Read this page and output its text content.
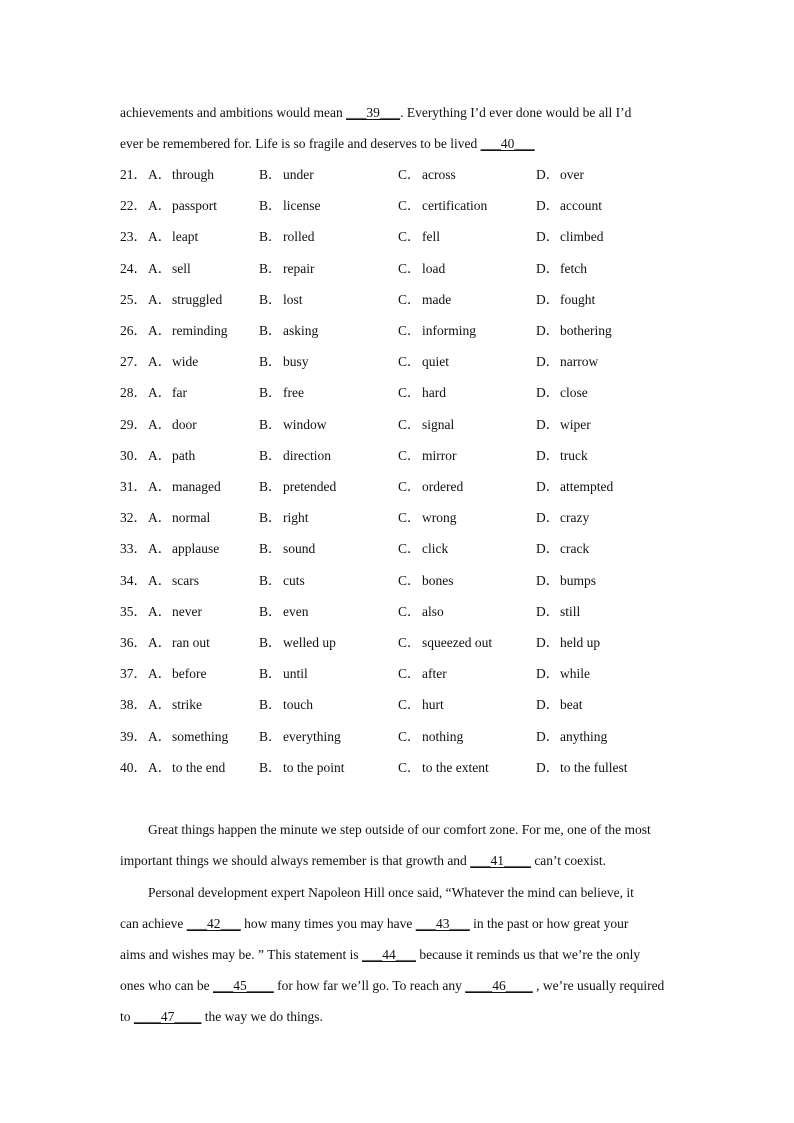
achievements and ambitions would mean ___39___. Everything I’d ever done would be all I’d
ever be remembered for. Life is so fragile and deserves to be lived ___40___
21． A．through	B．under	C．across	D．over
22． A．passport	B．license	C．certification	D．account
23． A．leapt	B．rolled	C．fell	D．climbed
24． A．sell	B．repair	C．load	D．fetch
25． A．struggled	B．lost	C．made	D．fought
26． A．reminding B．asking	C．informing	D．bothering
27． A．wide	B．busy	C．quiet	D．narrow
28． A．far	B．free	C．hard	D．close
29． A．door	B．window	C．signal	D．wiper
30． A．path	B．direction	C．mirror	D．truck
31． A．managed	B．pretended	C．ordered	D．attempted
32． A．normal	B．right	C．wrong	D．crazy
33． A．applause	B．sound	C．click	D．crack
34． A．scars	B．cuts	C．bones	D．bumps
35． A．never	B．even	C．also	D．still
36． A．ran out	B．welled up	C．squeezed out	D．held up
37． A．before	B．until	C．after	D．while
38． A．strike	B．touch	C．hurt	D．beat
39． A．something B．everything	C．nothing	D．anything
40． A．to the end	B．to the point	C．to the extent	D．to the fullest
Great things happen the minute we step outside of our comfort zone. For me, one of the most
important things we should always remember is that growth and ___41____ can’t coexist.
Personal development expert Napoleon Hill once said, “Whatever the mind can believe, it
can achieve ___42___ how many times you may have ___43___ in the past or how great your
aims and wishes may be. ” This statement is ___44___ because it reminds us that we’re the only
ones who can be ___45____ for how far we’ll go. To reach any ____46____ , we’re usually required
to ____47____ the way we do things.
